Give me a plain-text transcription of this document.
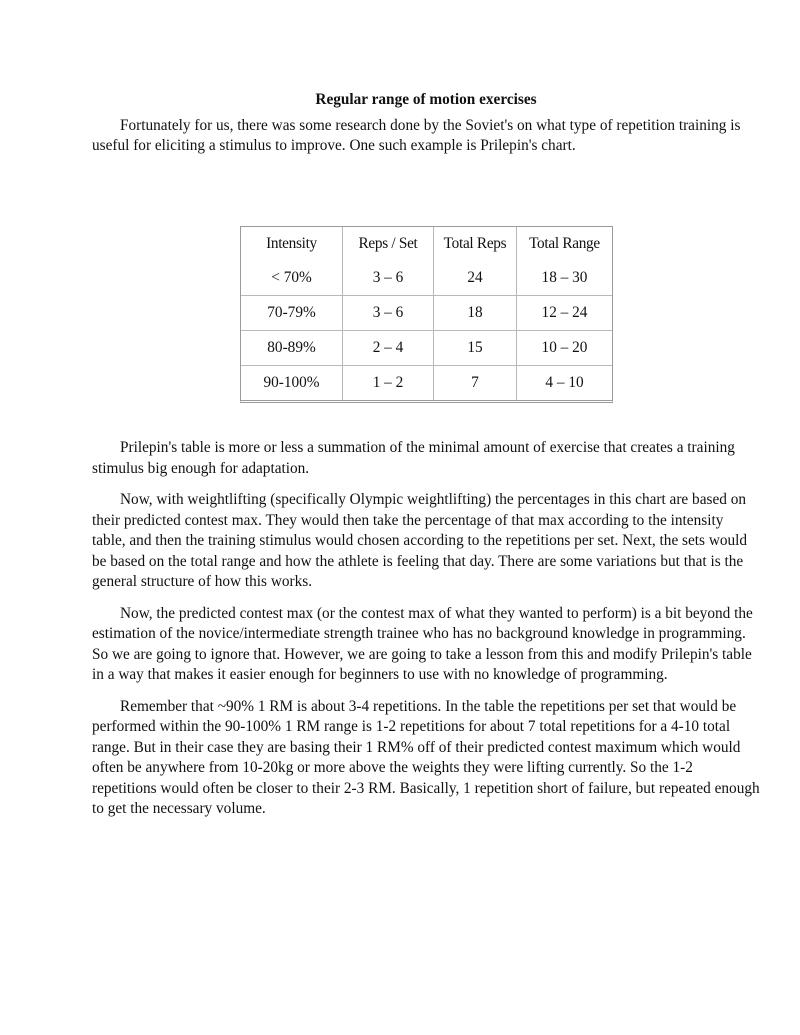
Regular range of motion exercises

Fortunately for us, there was some research done by the Soviet's on what type of repetition training is useful for eliciting a stimulus to improve. One such example is Prilepin's chart.

Intensity	Reps / Set	Total Reps	Total Range
< 70%	3 – 6	24	18 – 30
70-79%	3 – 6	18	12 – 24
80-89%	2 – 4	15	10 – 20
90-100%	1 – 2	7	4 – 10

Prilepin's table is more or less a summation of the minimal amount of exercise that creates a training stimulus big enough for adaptation.

Now, with weightlifting (specifically Olympic weightlifting) the percentages in this chart are based on their predicted contest max. They would then take the percentage of that max according to the intensity table, and then the training stimulus would chosen according to the repetitions per set. Next, the sets would be based on the total range and how the athlete is feeling that day. There are some variations but that is the general structure of how this works.

Now, the predicted contest max (or the contest max of what they wanted to perform) is a bit beyond the estimation of the novice/intermediate strength trainee who has no background knowledge in programming. So we are going to ignore that. However, we are going to take a lesson from this and modify Prilepin's table in a way that makes it easier enough for beginners to use with no knowledge of programming.

Remember that ~90% 1 RM is about 3-4 repetitions. In the table the repetitions per set that would be performed within the 90-100% 1 RM range is 1-2 repetitions for about 7 total repetitions for a 4-10 total range. But in their case they are basing their 1 RM% off of their predicted contest maximum which would often be anywhere from 10-20kg or more above the weights they were lifting currently. So the 1-2 repetitions would often be closer to their 2-3 RM. Basically, 1 repetition short of failure, but repeated enough to get the necessary volume.
